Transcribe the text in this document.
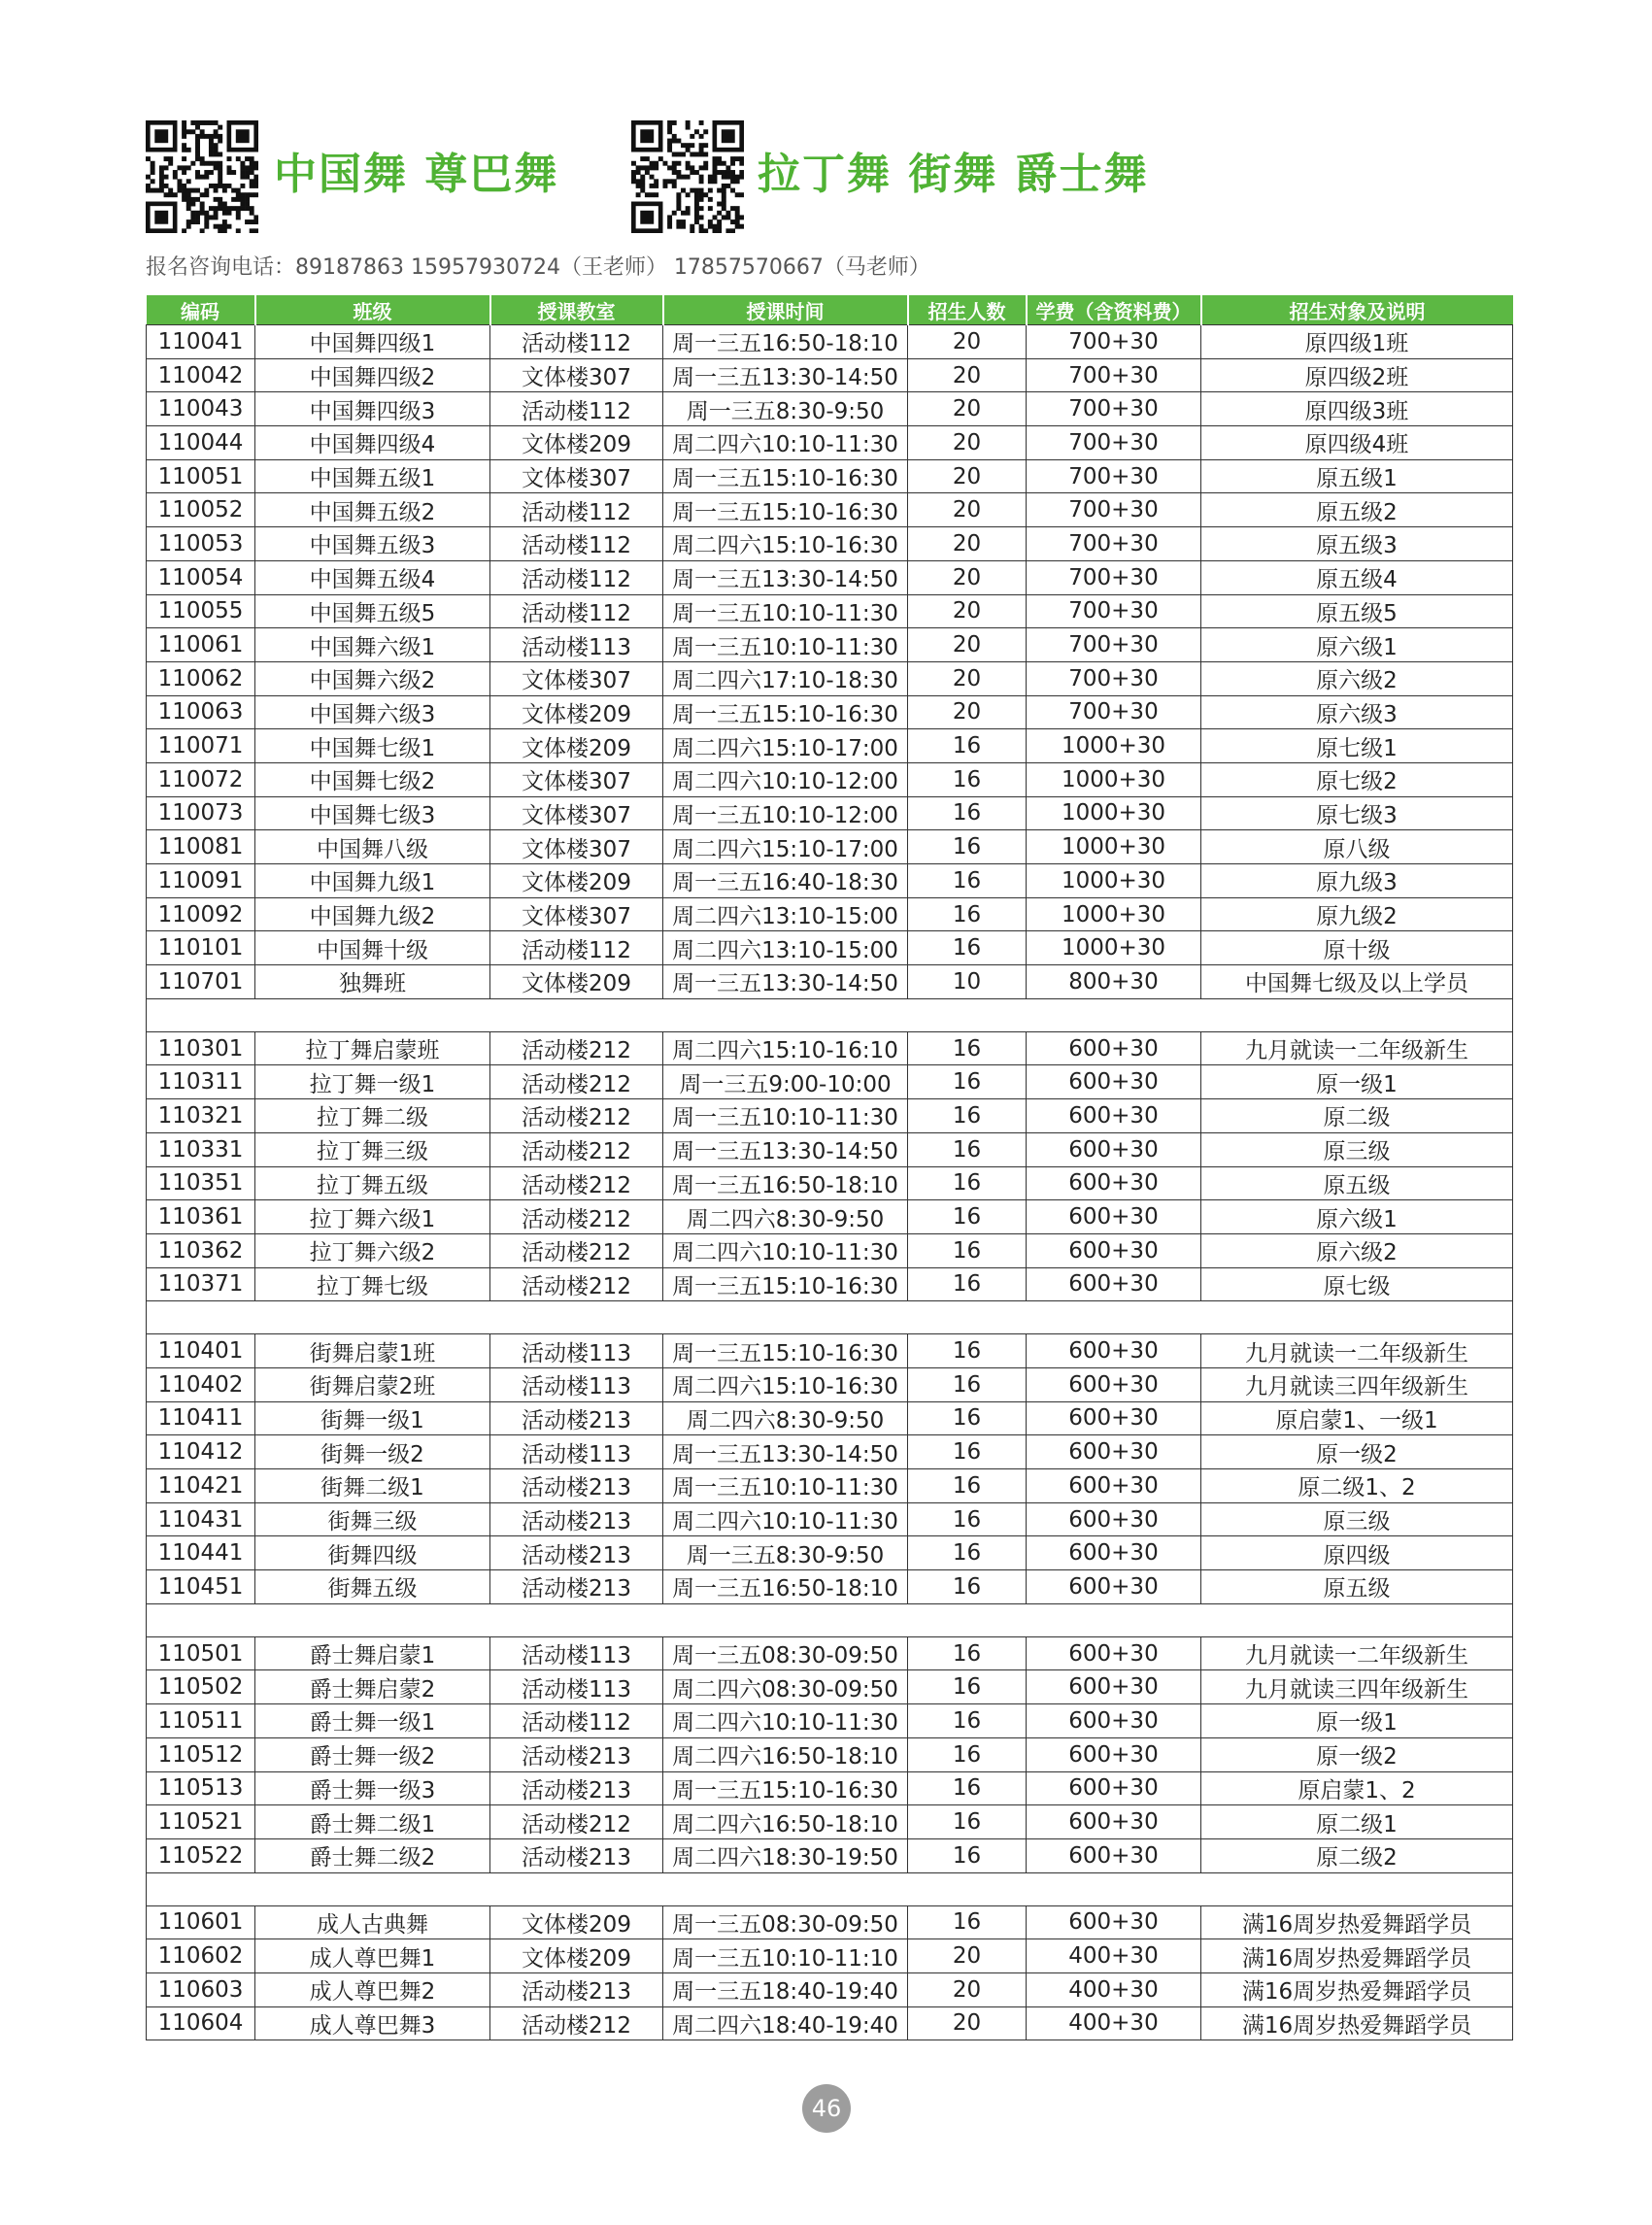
中国舞 尊巴舞	拉丁舞 街舞 爵士舞
报名咨询电话：89187863 15957930724（王老师） 17857570667（马老师）
编码	班级	授课教室	授课时间	招生人数	学费（含资料费）	招生对象及说明
110041	中国舞四级1	活动楼112	周一三五16:50-18:10	20	700+30	原四级1班
110042	中国舞四级2	文体楼307	周一三五13:30-14:50	20	700+30	原四级2班
110043	中国舞四级3	活动楼112	周一三五8:30-9:50	20	700+30	原四级3班
110044	中国舞四级4	文体楼209	周二四六10:10-11:30	20	700+30	原四级4班
110051	中国舞五级1	文体楼307	周一三五15:10-16:30	20	700+30	原五级1
110052	中国舞五级2	活动楼112	周一三五15:10-16:30	20	700+30	原五级2
110053	中国舞五级3	活动楼112	周二四六15:10-16:30	20	700+30	原五级3
110054	中国舞五级4	活动楼112	周一三五13:30-14:50	20	700+30	原五级4
110055	中国舞五级5	活动楼112	周一三五10:10-11:30	20	700+30	原五级5
110061	中国舞六级1	活动楼113	周一三五10:10-11:30	20	700+30	原六级1
110062	中国舞六级2	文体楼307	周二四六17:10-18:30	20	700+30	原六级2
110063	中国舞六级3	文体楼209	周一三五15:10-16:30	20	700+30	原六级3
110071	中国舞七级1	文体楼209	周二四六15:10-17:00	16	1000+30	原七级1
110072	中国舞七级2	文体楼307	周二四六10:10-12:00	16	1000+30	原七级2
110073	中国舞七级3	文体楼307	周一三五10:10-12:00	16	1000+30	原七级3
110081	中国舞八级	文体楼307	周二四六15:10-17:00	16	1000+30	原八级
110091	中国舞九级1	文体楼209	周一三五16:40-18:30	16	1000+30	原九级3
110092	中国舞九级2	文体楼307	周二四六13:10-15:00	16	1000+30	原九级2
110101	中国舞十级	活动楼112	周二四六13:10-15:00	16	1000+30	原十级
110701	独舞班	文体楼209	周一三五13:30-14:50	10	800+30	中国舞七级及以上学员

110301	拉丁舞启蒙班	活动楼212	周二四六15:10-16:10	16	600+30	九月就读一二年级新生
110311	拉丁舞一级1	活动楼212	周一三五9:00-10:00	16	600+30	原一级1
110321	拉丁舞二级	活动楼212	周一三五10:10-11:30	16	600+30	原二级
110331	拉丁舞三级	活动楼212	周一三五13:30-14:50	16	600+30	原三级
110351	拉丁舞五级	活动楼212	周一三五16:50-18:10	16	600+30	原五级
110361	拉丁舞六级1	活动楼212	周二四六8:30-9:50	16	600+30	原六级1
110362	拉丁舞六级2	活动楼212	周二四六10:10-11:30	16	600+30	原六级2
110371	拉丁舞七级	活动楼212	周一三五15:10-16:30	16	600+30	原七级

110401	街舞启蒙1班	活动楼113	周一三五15:10-16:30	16	600+30	九月就读一二年级新生
110402	街舞启蒙2班	活动楼113	周二四六15:10-16:30	16	600+30	九月就读三四年级新生
110411	街舞一级1	活动楼213	周二四六8:30-9:50	16	600+30	原启蒙1、一级1
110412	街舞一级2	活动楼113	周一三五13:30-14:50	16	600+30	原一级2
110421	街舞二级1	活动楼213	周一三五10:10-11:30	16	600+30	原二级1、2
110431	街舞三级	活动楼213	周二四六10:10-11:30	16	600+30	原三级
110441	街舞四级	活动楼213	周一三五8:30-9:50	16	600+30	原四级
110451	街舞五级	活动楼213	周一三五16:50-18:10	16	600+30	原五级

110501	爵士舞启蒙1	活动楼113	周一三五08:30-09:50	16	600+30	九月就读一二年级新生
110502	爵士舞启蒙2	活动楼113	周二四六08:30-09:50	16	600+30	九月就读三四年级新生
110511	爵士舞一级1	活动楼112	周二四六10:10-11:30	16	600+30	原一级1
110512	爵士舞一级2	活动楼213	周二四六16:50-18:10	16	600+30	原一级2
110513	爵士舞一级3	活动楼213	周一三五15:10-16:30	16	600+30	原启蒙1、2
110521	爵士舞二级1	活动楼212	周二四六16:50-18:10	16	600+30	原二级1
110522	爵士舞二级2	活动楼213	周二四六18:30-19:50	16	600+30	原二级2

110601	成人古典舞	文体楼209	周一三五08:30-09:50	16	600+30	满16周岁热爱舞蹈学员
110602	成人尊巴舞1	文体楼209	周一三五10:10-11:10	20	400+30	满16周岁热爱舞蹈学员
110603	成人尊巴舞2	活动楼213	周一三五18:40-19:40	20	400+30	满16周岁热爱舞蹈学员
110604	成人尊巴舞3	活动楼212	周二四六18:40-19:40	20	400+30	满16周岁热爱舞蹈学员
46
